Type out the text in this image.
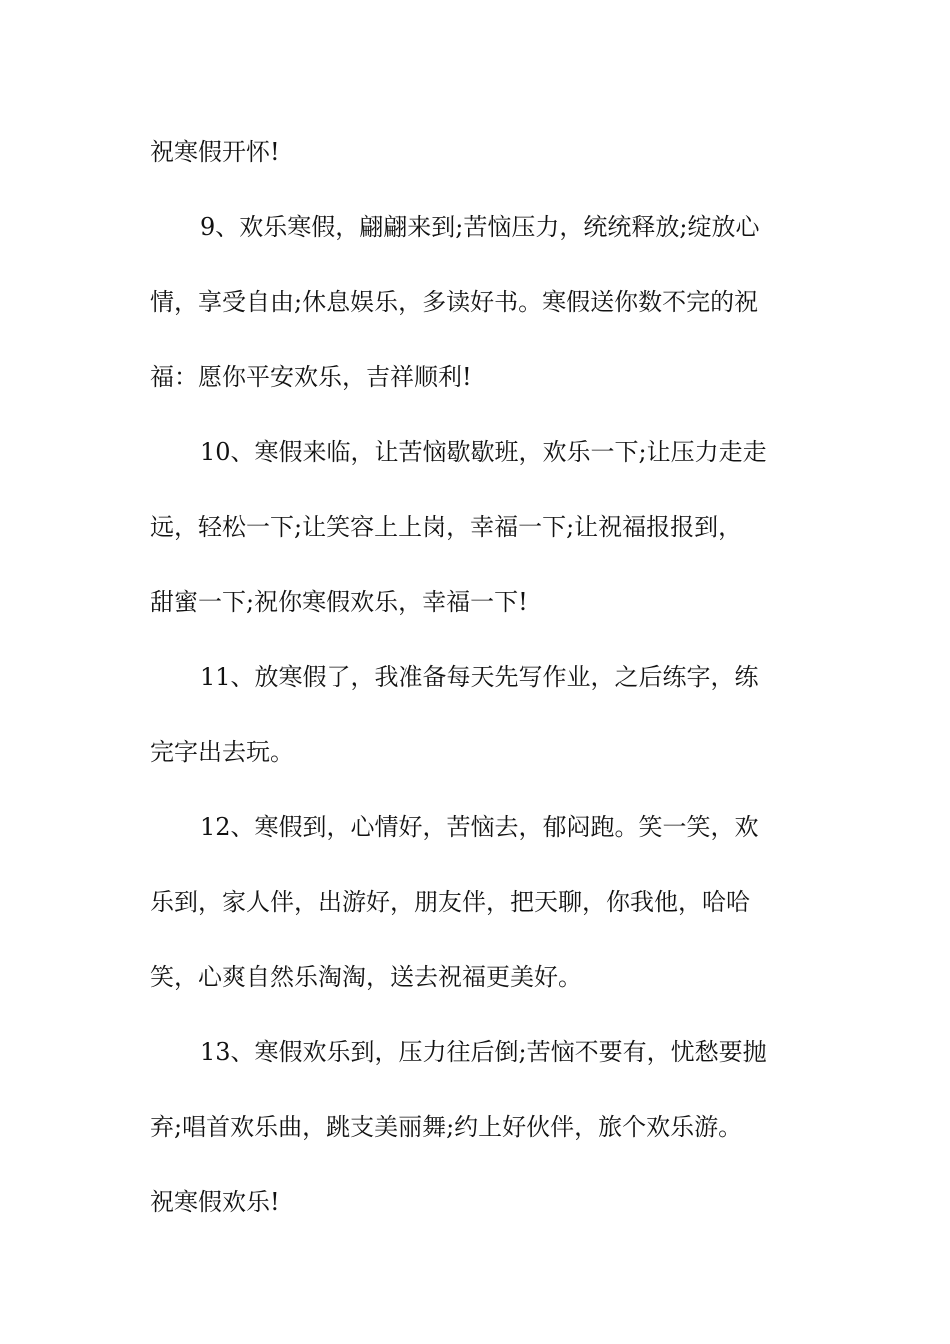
祝寒假开怀!
9、欢乐寒假，翩翩来到;苦恼压力，统统释放;绽放心
情，享受自由;休息娱乐，多读好书。寒假送你数不完的祝
福：愿你平安欢乐，吉祥顺利!
10、寒假来临，让苦恼歇歇班，欢乐一下;让压力走走
远，轻松一下;让笑容上上岗，幸福一下;让祝福报报到，
甜蜜一下;祝你寒假欢乐，幸福一下!
11、放寒假了，我准备每天先写作业，之后练字，练
完字出去玩。
12、寒假到，心情好，苦恼去，郁闷跑。笑一笑，欢
乐到，家人伴，出游好，朋友伴，把天聊，你我他，哈哈
笑，心爽自然乐淘淘，送去祝福更美好。
13、寒假欢乐到，压力往后倒;苦恼不要有，忧愁要抛
弃;唱首欢乐曲，跳支美丽舞;约上好伙伴，旅个欢乐游。
祝寒假欢乐!
